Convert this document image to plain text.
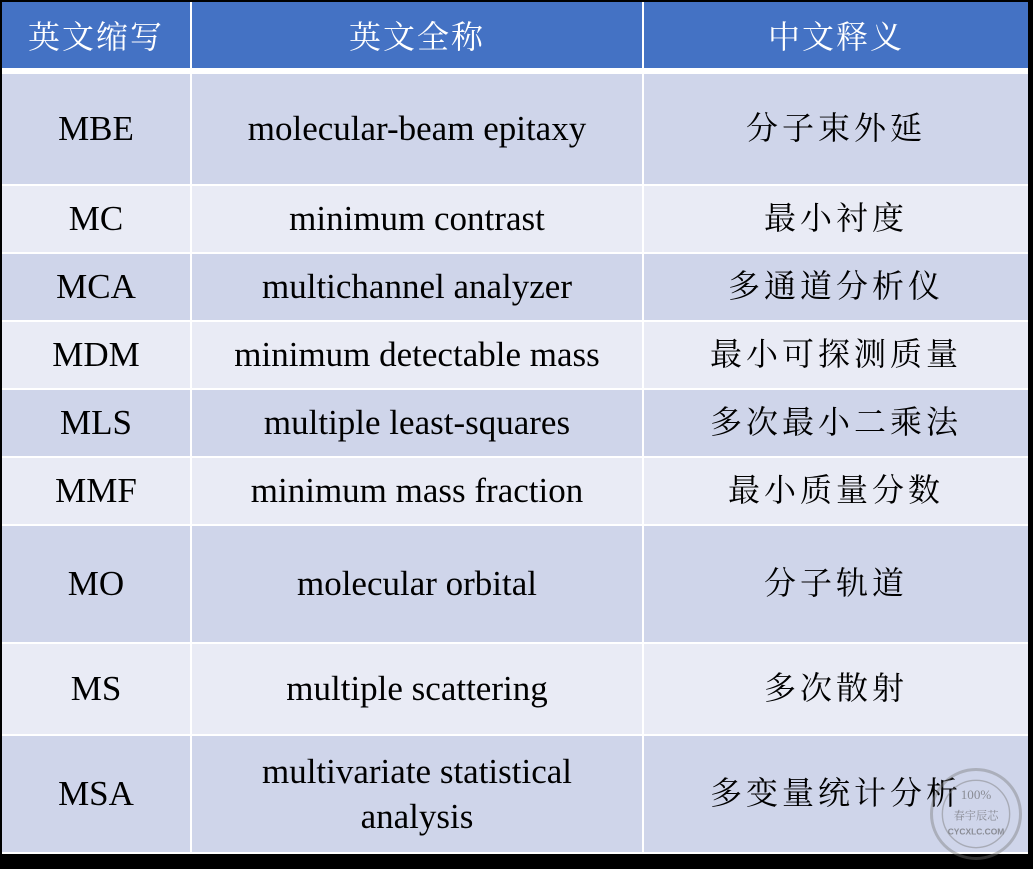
英文缩写	英文全称	中文释义
MBE	molecular-beam epitaxy	分子束外延
MC	minimum contrast	最小衬度
MCA	multichannel analyzer	多通道分析仪
MDM	minimum detectable mass	最小可探测质量
MLS	multiple least-squares	多次最小二乘法
MMF	minimum mass fraction	最小质量分数
MO	molecular orbital	分子轨道
MS	multiple scattering	多次散射
MSA	multivariate statistical analysis	多变量统计分析
100%
春宇辰芯
CYCXLC.COM
